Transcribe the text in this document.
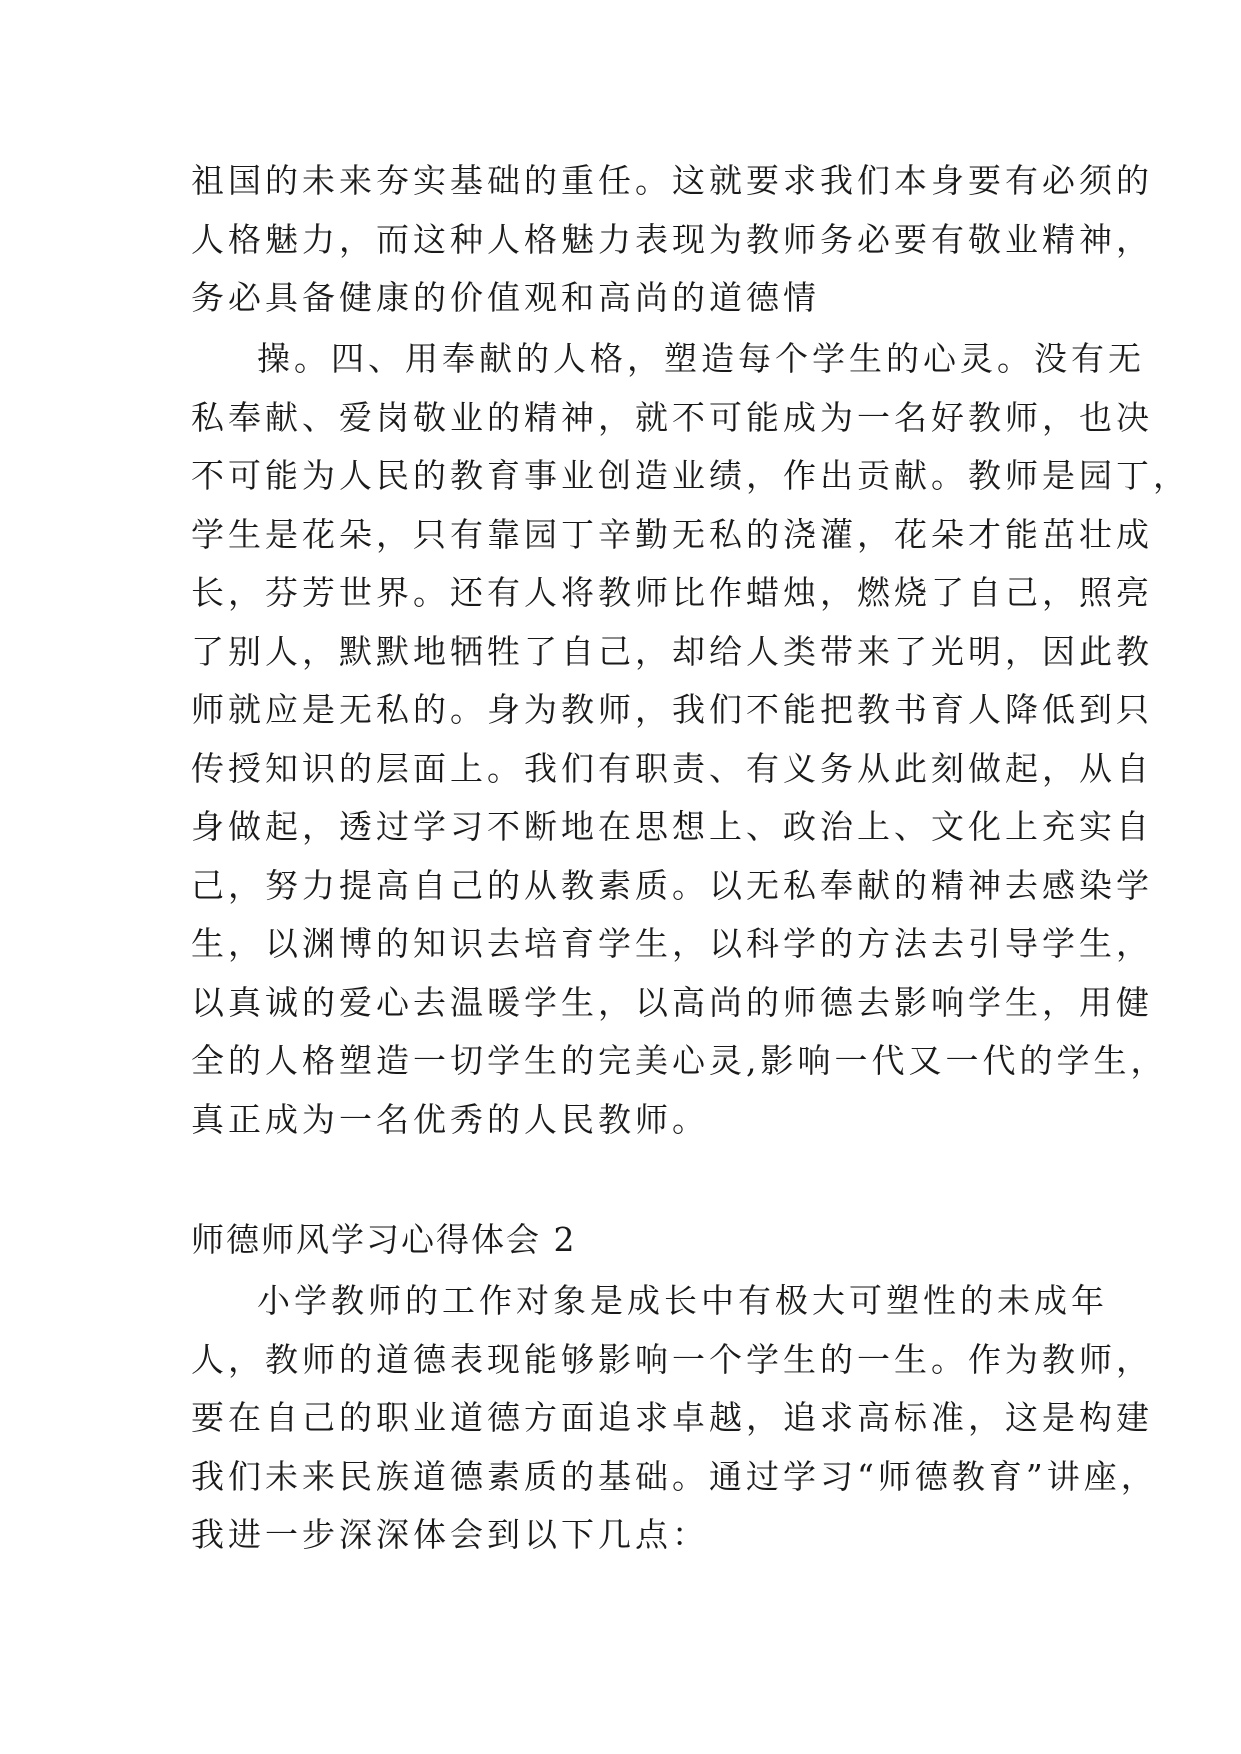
祖国的未来夯实基础的重任。这就要求我们本身要有必须的
人格魅力，而这种人格魅力表现为教师务必要有敬业精神，
务必具备健康的价值观和高尚的道德情
操。四、用奉献的人格，塑造每个学生的心灵。没有无
私奉献、爱岗敬业的精神，就不可能成为一名好教师，也决
不可能为人民的教育事业创造业绩，作出贡献。教师是园丁，
学生是花朵，只有靠园丁辛勤无私的浇灌，花朵才能茁壮成
长，芬芳世界。还有人将教师比作蜡烛，燃烧了自己，照亮
了别人，默默地牺牲了自己，却给人类带来了光明，因此教
师就应是无私的。身为教师，我们不能把教书育人降低到只
传授知识的层面上。我们有职责、有义务从此刻做起，从自
身做起，透过学习不断地在思想上、政治上、文化上充实自
己，努力提高自己的从教素质。以无私奉献的精神去感染学
生，以渊博的知识去培育学生，以科学的方法去引导学生，
以真诚的爱心去温暖学生，以高尚的师德去影响学生，用健
全的人格塑造一切学生的完美心灵,影响一代又一代的学生，
真正成为一名优秀的人民教师。
师德师风学习心得体会 2
小学教师的工作对象是成长中有极大可塑性的未成年
人，教师的道德表现能够影响一个学生的一生。作为教师，
要在自己的职业道德方面追求卓越，追求高标准，这是构建
我们未来民族道德素质的基础。通过学习“师德教育”讲座，
我进一步深深体会到以下几点：
